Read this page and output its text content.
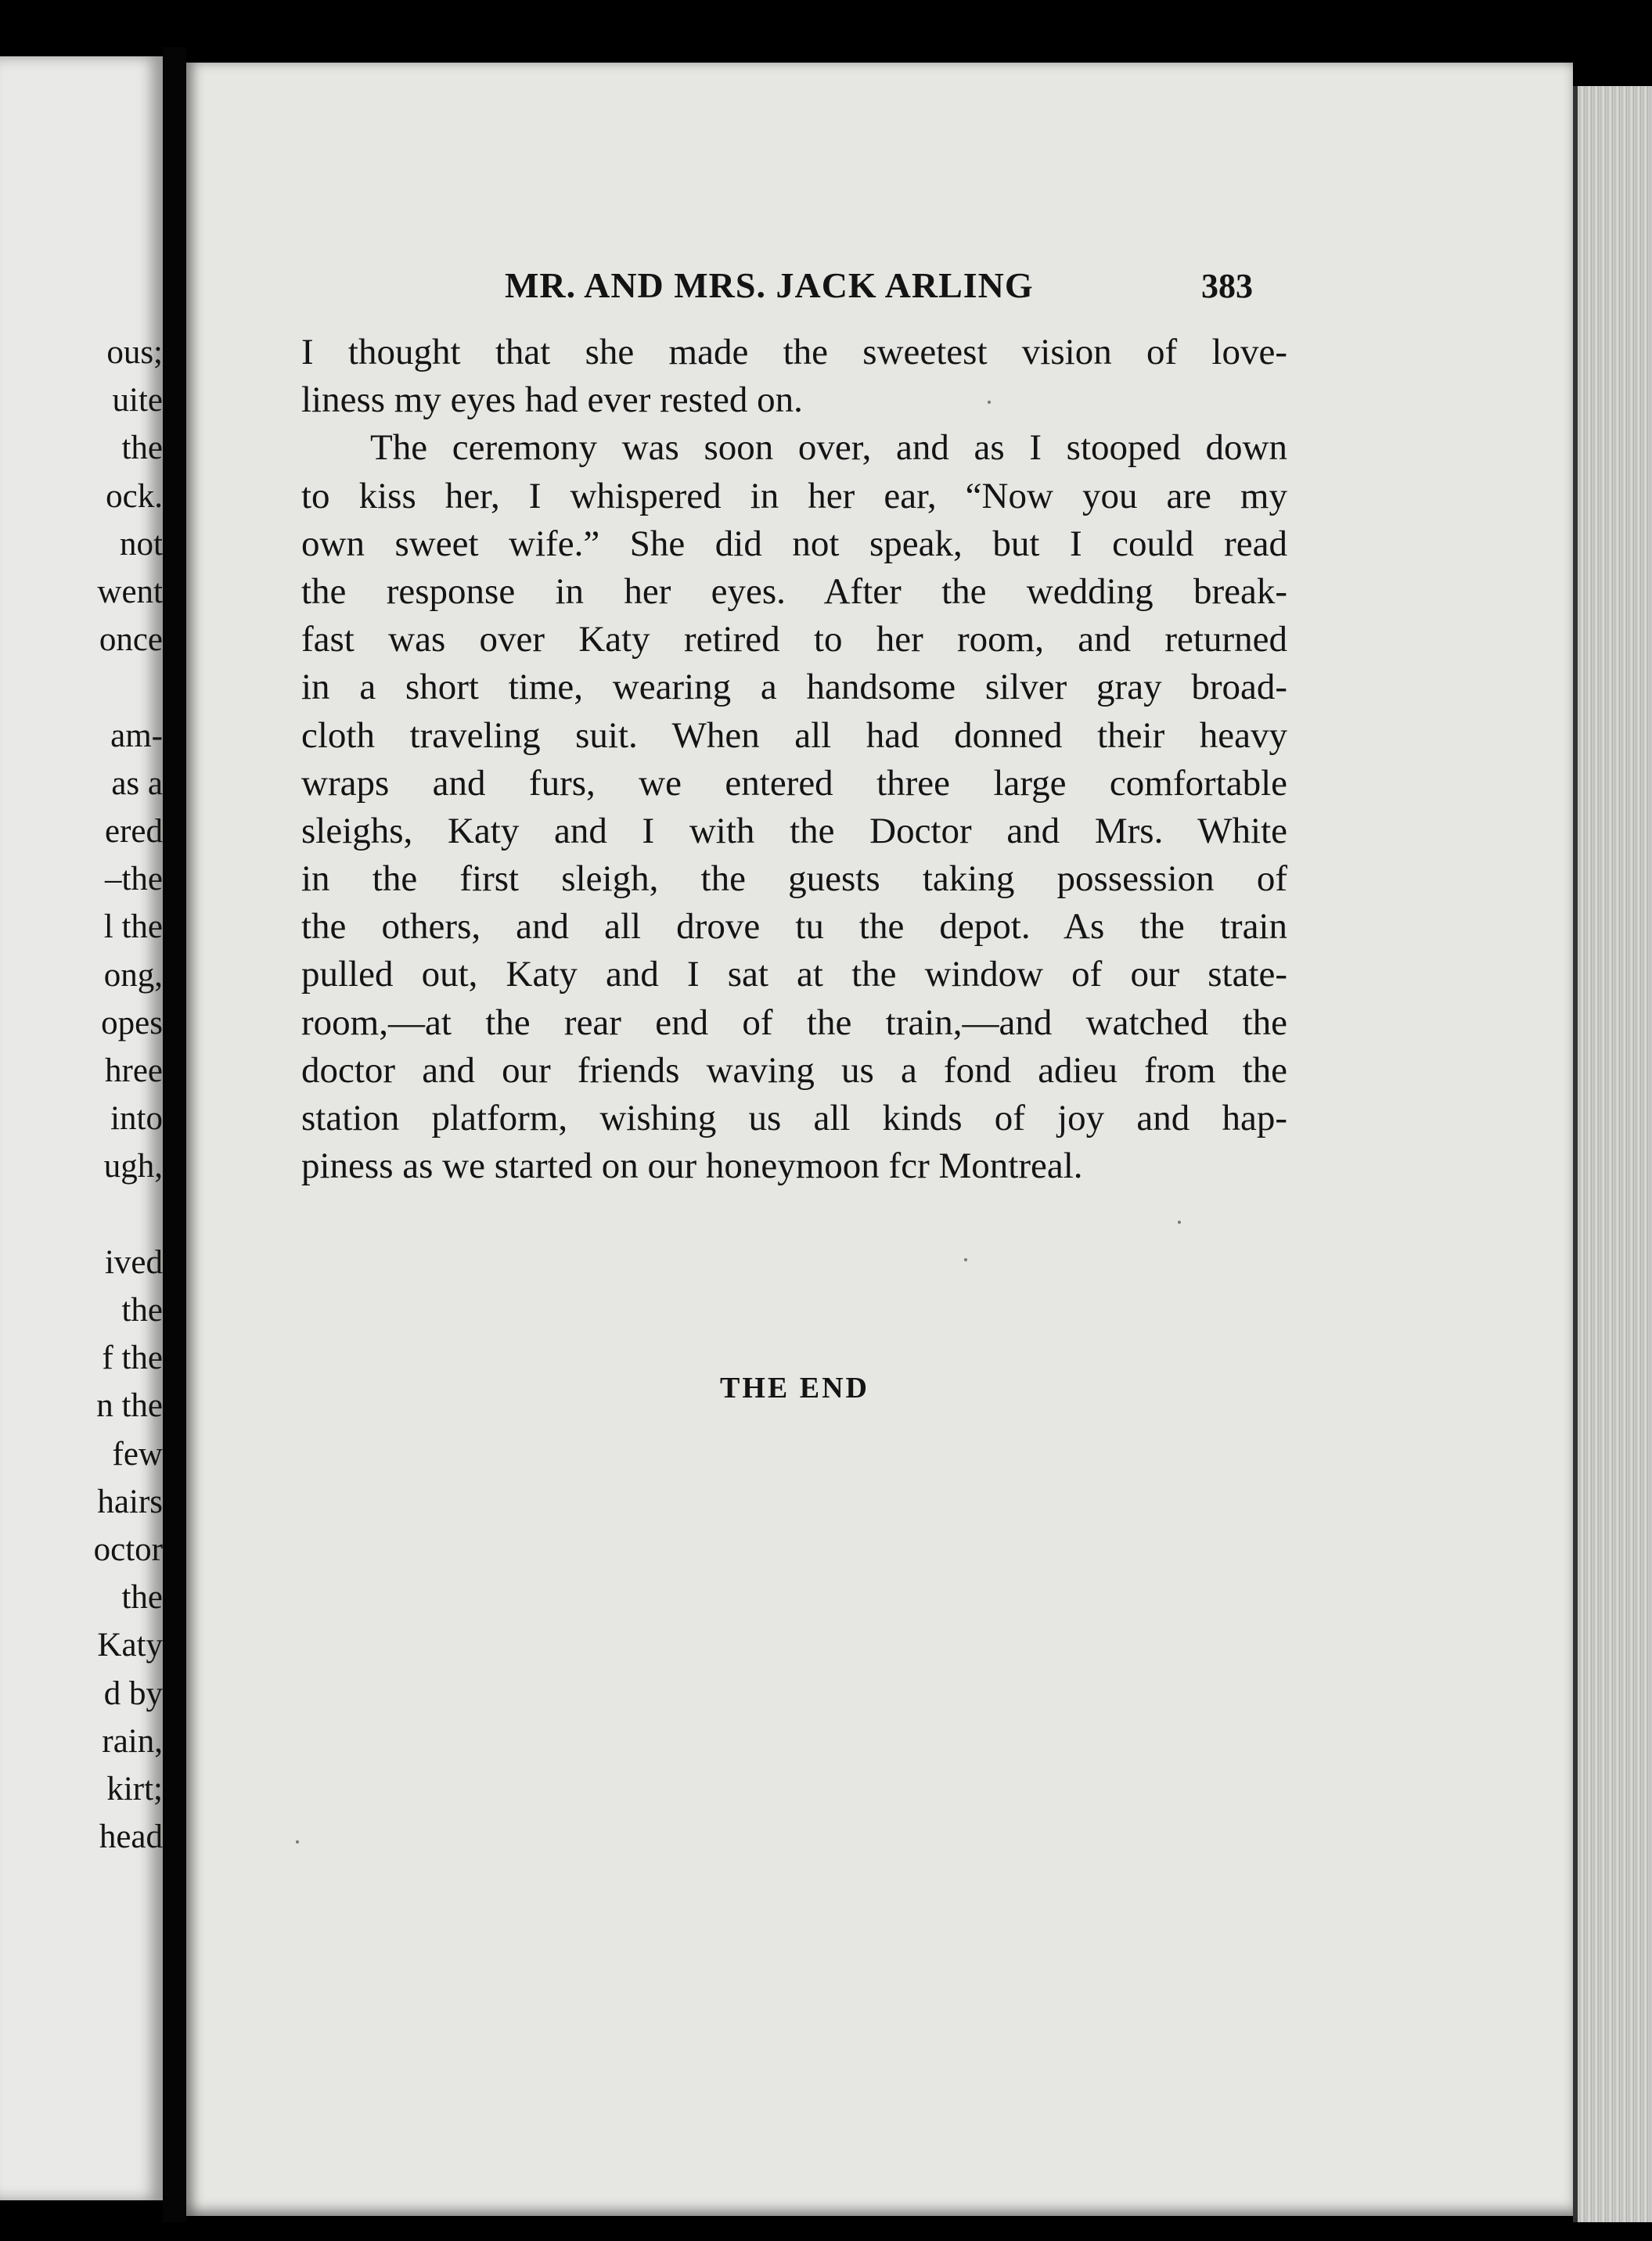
ous;
uite
the
ock.
not
went
once
am-
as a
ered
–the
l the
ong,
opes
hree
into
ugh,
ived
the
f the
n the
few
hairs
octor
the
Katy
d by
rain,
kirt;
head
MR. AND MRS. JACK ARLING	383
I thought that she made the sweetest vision of love-
liness my eyes had ever rested on.
The ceremony was soon over, and as I stooped down
to kiss her, I whispered in her ear, “Now you are my
own sweet wife.” She did not speak, but I could read
the response in her eyes. After the wedding break-
fast was over Katy retired to her room, and returned
in a short time, wearing a handsome silver gray broad-
cloth traveling suit. When all had donned their heavy
wraps and furs, we entered three large comfortable
sleighs, Katy and I with the Doctor and Mrs. White
in the first sleigh, the guests taking possession of
the others, and all drove tu the depot. As the train
pulled out, Katy and I sat at the window of our state-
room,—at the rear end of the train,—and watched the
doctor and our friends waving us a fond adieu from the
station platform, wishing us all kinds of joy and hap-
piness as we started on our honeymoon fcr Montreal.
THE END
